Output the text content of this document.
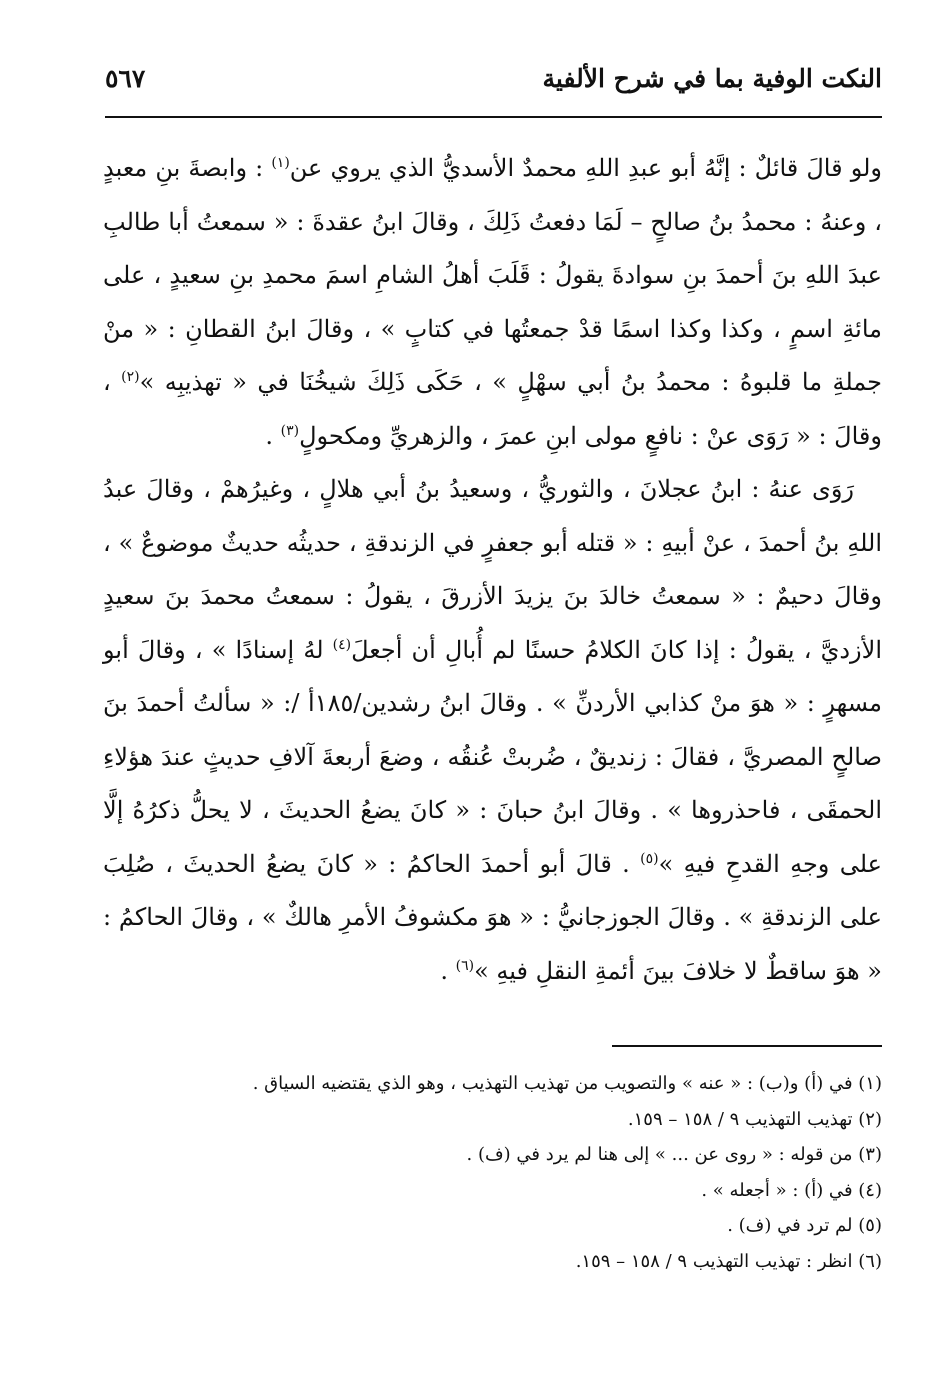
النكت الوفية بما في شرح الألفية
٥٦٧

ولو قالَ قائلٌ : إنَّهُ أبو عبدِ اللهِ محمدٌ الأسديُّ الذي يروي عن$^{(١)}$ : وابصةَ بنِ معبدٍ ، وعنهُ : محمدُ بنُ صالحٍ – لَمَا دفعتُ ذَلِكَ ، وقالَ ابنُ عقدةَ : « سمعتُ أبا طالبِ عبدَ اللهِ بنَ أحمدَ بنِ سوادةَ يقولُ : قَلَبَ أهلُ الشامِ اسمَ محمدِ بنِ سعيدٍ ، على مائةِ اسمٍ ، وكذا وكذا اسمًا قدْ جمعتُها في كتابٍ » ، وقالَ ابنُ القطانِ : « منْ جملةِ ما قلبوهُ : محمدُ بنُ أبي سهْلٍ » ، حَكَى ذَلِكَ شيخُنَا في « تهذيبِه »$^{(٢)}$ ، وقالَ : « رَوَى عنْ : نافعٍ مولى ابنِ عمرَ ، والزهريِّ ومكحولٍ$^{(٣)}$ .

رَوَى عنهُ : ابنُ عجلانَ ، والثوريُّ ، وسعيدُ بنُ أبي هلالٍ ، وغيرُهمْ ، وقالَ عبدُ اللهِ بنُ أحمدَ ، عنْ أبيهِ : « قتله أبو جعفرٍ في الزندقةِ ، حديثُه حديثٌ موضوعٌ » ، وقالَ دحيمٌ : « سمعتُ خالدَ بنَ يزيدَ الأزرقَ ، يقولُ : سمعتُ محمدَ بنَ سعيدٍ الأزديَّ ، يقولُ : إذا كانَ الكلامُ حسنًا لم أُبالِ أن أجعلَ$^{(٤)}$ لهُ إسنادًا » ، وقالَ أبو مسهرٍ : « هوَ منْ كذابي الأردنِّ » . وقالَ ابنُ رشدين/١٨٥أ /: « سألتُ أحمدَ بنَ صالحٍ المصريَّ ، فقالَ : زنديقٌ ، ضُربتْ عُنقُه ، وضعَ أربعةَ آلافِ حديثٍ عندَ هؤلاءِ الحمقَى ، فاحذروها » . وقالَ ابنُ حبانَ : « كانَ يضعُ الحديثَ ، لا يحلُّ ذكرُهُ إلَّا على وجهِ القدحِ فيهِ »$^{(٥)}$ . قالَ أبو أحمدَ الحاكمُ : « كانَ يضعُ الحديثَ ، صُلِبَ على الزندقةِ » . وقالَ الجوزجانيُّ : « هوَ مكشوفُ الأمرِ هالكٌ » ، وقالَ الحاكمُ : « هوَ ساقطٌ لا خلافَ بينَ أئمةِ النقلِ فيهِ »$^{(٦)}$ .

(١) في (أ) و(ب) : « عنه » والتصويب من تهذيب التهذيب ، وهو الذي يقتضيه السياق .

(٢) تهذيب التهذيب ٩ / ١٥٨ – ١٥٩.

(٣) من قوله : « روى عن ... » إلى هنا لم يرد في (ف) .

(٤) في (أ) : « أجعله » .

(٥) لم ترد في (ف) .

(٦) انظر : تهذيب التهذيب ٩ / ١٥٨ – ١٥٩.
